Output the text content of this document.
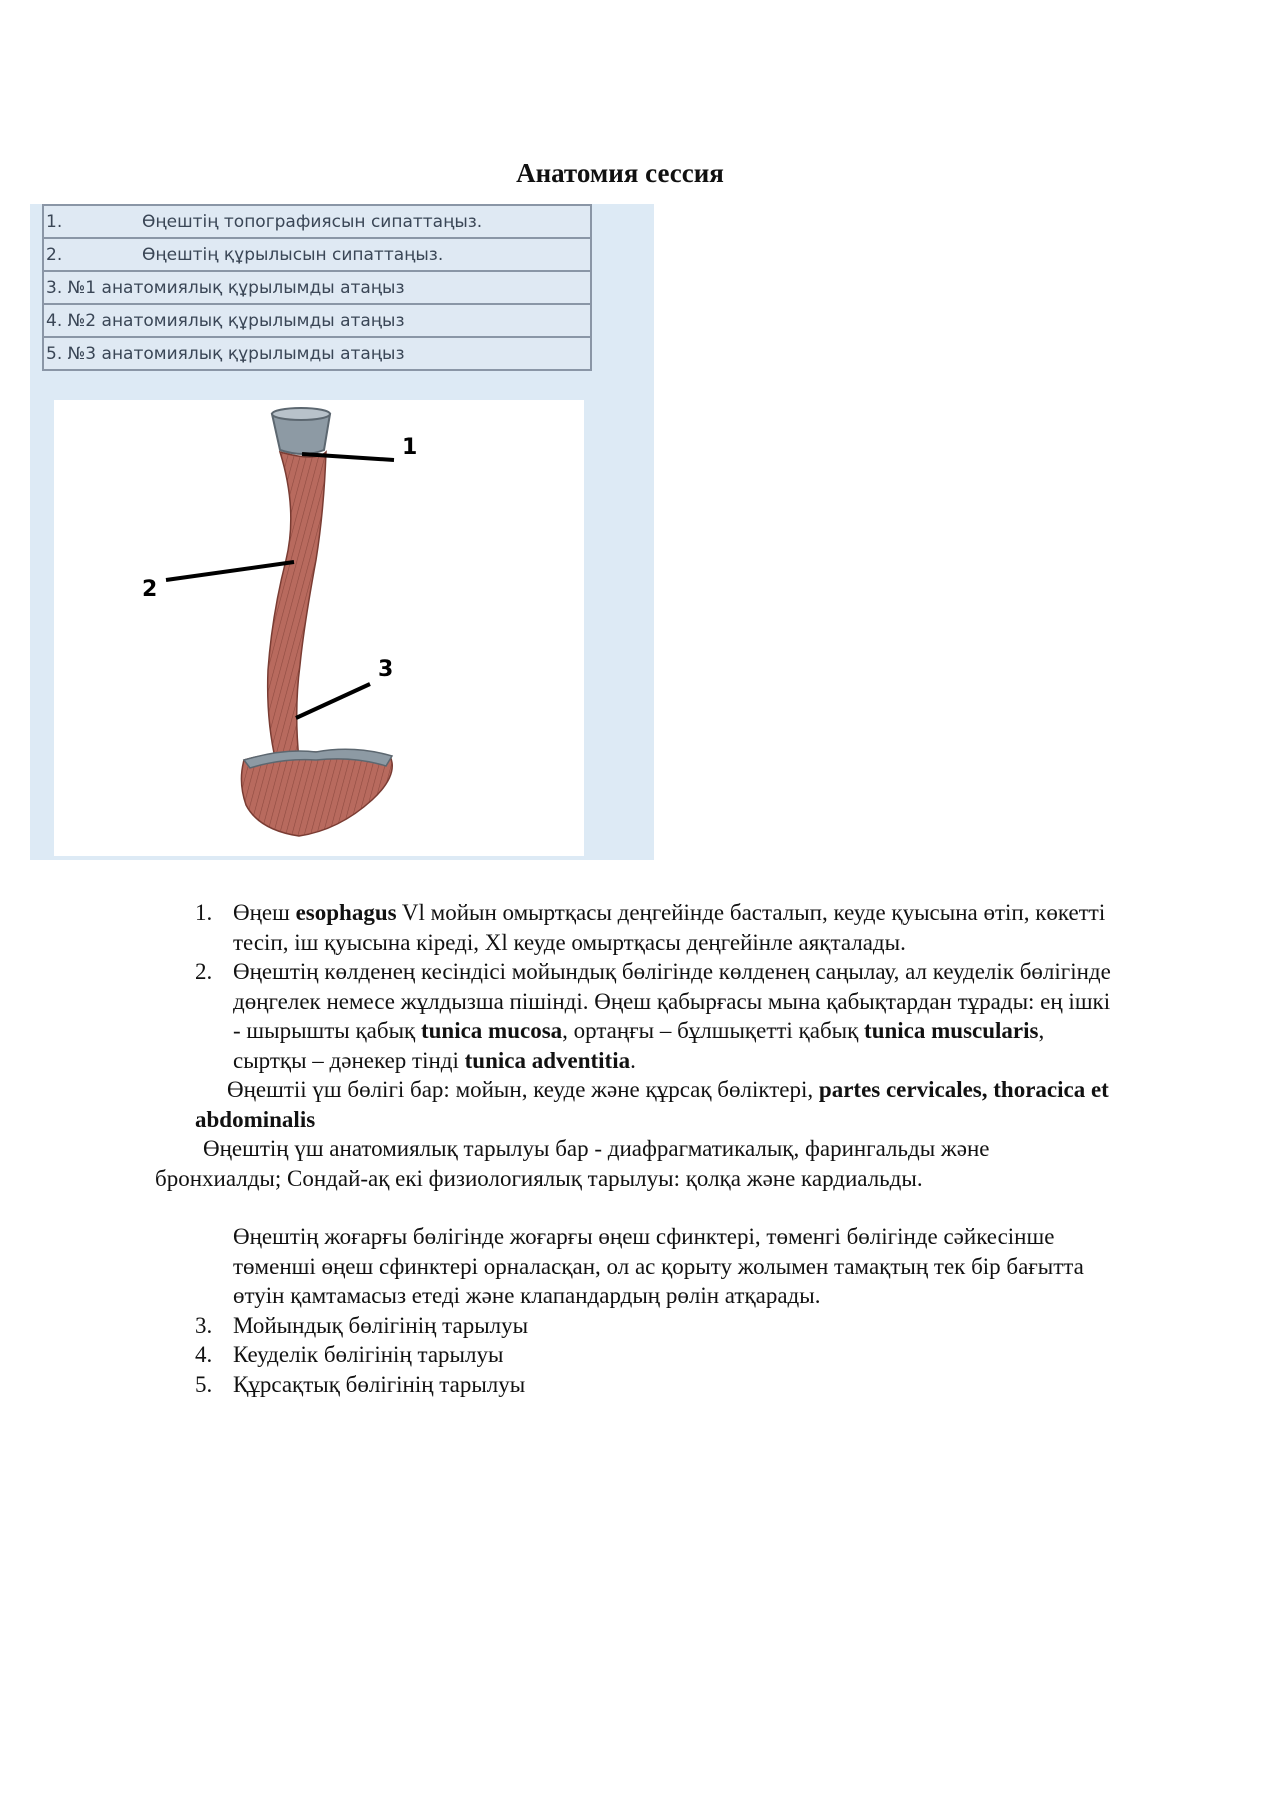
Анатомия сессия
1.	Өңештің топографиясын сипаттаңыз.
2.	Өңештің құрылысын сипаттаңыз.
3. №1 анатомиялық құрылымды атаңыз
4. №2 анатомиялық құрылымды атаңыз
5. №3 анатомиялық құрылымды атаңыз
1
2
3
1. Өңеш esophagus Vl мойын омыртқасы деңгейінде басталып, кеуде қуысына өтіп, көкетті тесіп, іш қуысына кіреді, Xl кеуде омыртқасы деңгейінле аяқталады.
2. Өңештің көлденең кесіндісі мойындық бөлігінде көлденең саңылау, ал кеуделік бөлігінде дөңгелек немесе жұлдызша пішінді. Өңеш қабырғасы мына қабықтардан тұрады: ең ішкі - шырышты қабық tunica mucosa, ортаңғы – бұлшықетті қабық tunica muscularis, сыртқы – дәнекер тінді tunica adventitia.

Өңештіі үш бөлігі бар: мойын, кеуде және құрсақ бөліктері, partes cervicales, thoracica et abdominalis

Өңештің үш анатомиялық тарылуы бар - диафрагматикалық, фарингальды және бронхиалды; Сондай-ақ екі физиологиялық тарылуы: қолқа және кардиальды.

Өңештің жоғарғы бөлігінде жоғарғы өңеш сфинктері, төменгі бөлігінде сәйкесінше төменші өңеш сфинктері орналасқан, ол ас қорыту жолымен тамақтың тек бір бағытта өтуін қамтамасыз етеді және клапандардың рөлін атқарады.

3. Мойындық бөлігінің тарылуы
4. Кеуделік бөлігінің тарылуы
5. Құрсақтық бөлігінің тарылуы
